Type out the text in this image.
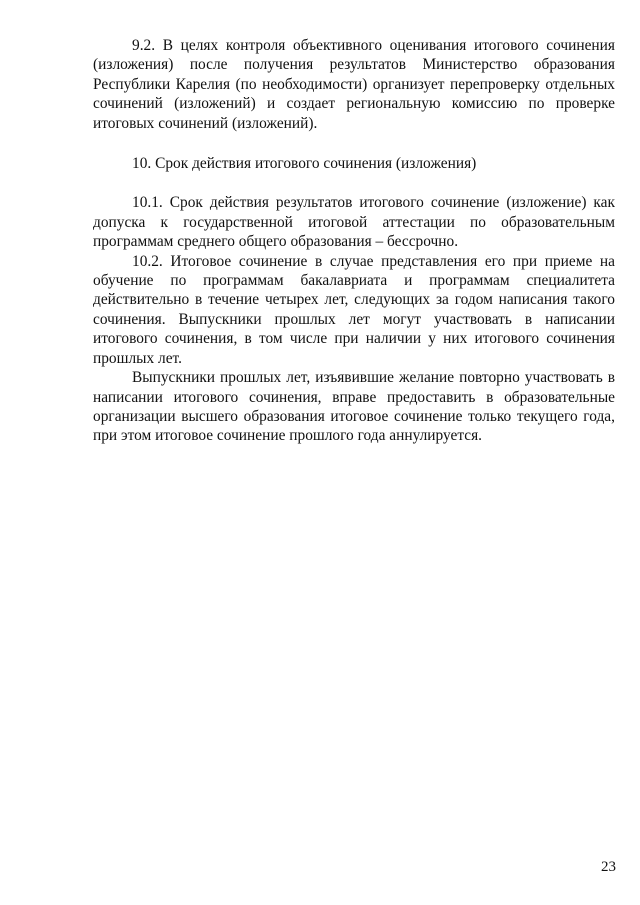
9.2. В целях контроля объективного оценивания итогового сочинения (изложения) после получения результатов Министерство образования Республики Карелия (по необходимости) организует перепроверку отдельных сочинений (изложений) и создает региональную комиссию по проверке итоговых сочинений (изложений).

10. Срок действия итогового сочинения (изложения)

10.1. Срок действия результатов итогового сочинение (изложение) как допуска к государственной итоговой аттестации по образовательным программам среднего общего образования – бессрочно.

10.2. Итоговое сочинение в случае представления его при приеме на обучение по программам бакалавриата и программам специалитета действительно в течение четырех лет, следующих за годом написания такого сочинения. Выпускники прошлых лет могут участвовать в написании итогового сочинения, в том числе при наличии у них итогового сочинения прошлых лет.

Выпускники прошлых лет, изъявившие желание повторно участвовать в написании итогового сочинения, вправе предоставить в образовательные организации высшего образования итоговое сочинение только текущего года, при этом итоговое сочинение прошлого года аннулируется.

23
